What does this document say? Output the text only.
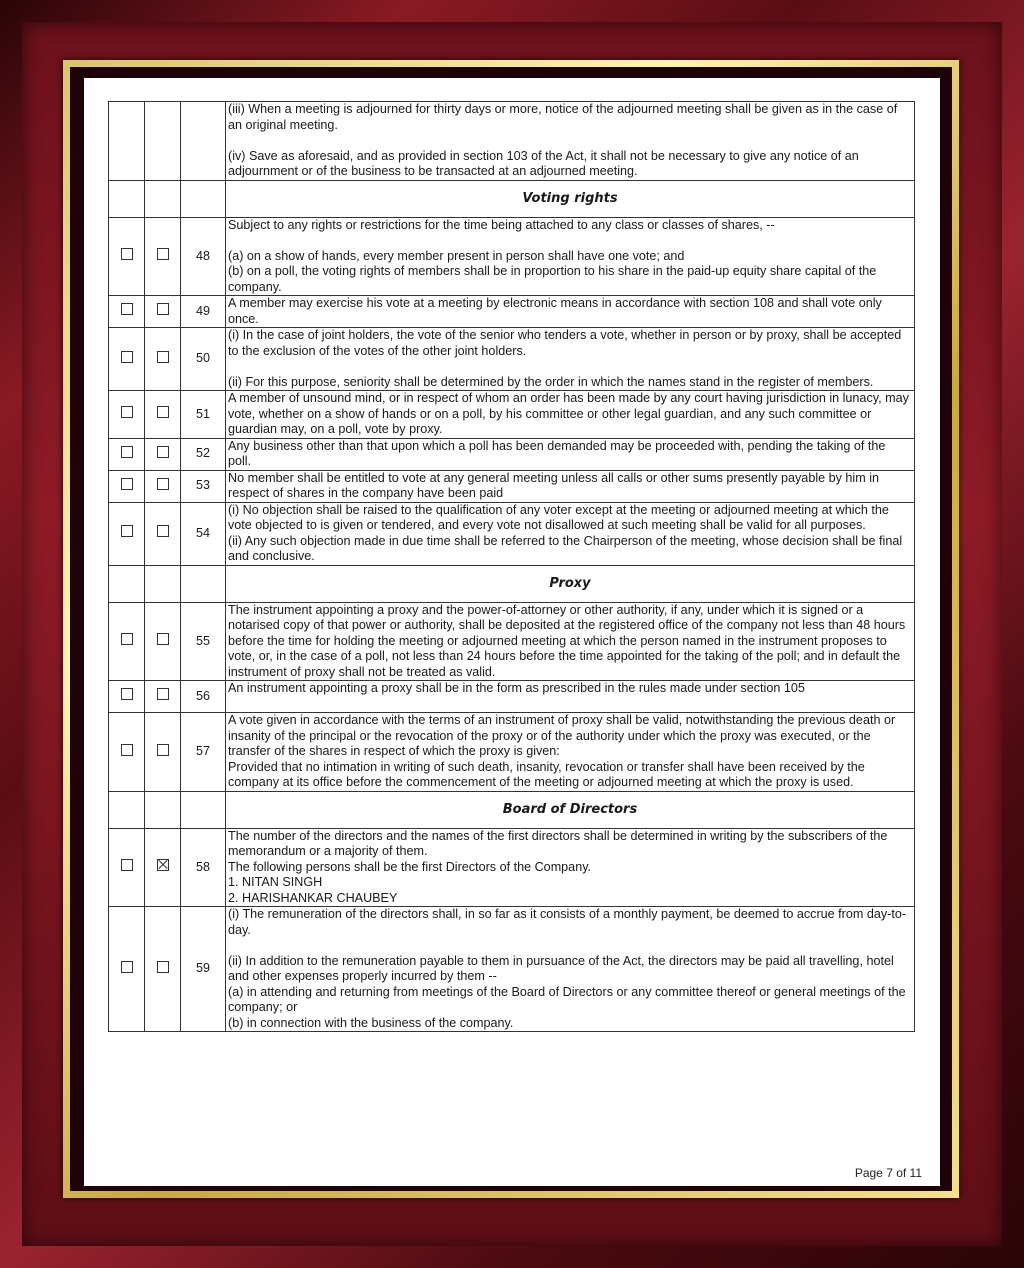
			(iii) When a meeting is adjourned for thirty days or more, notice of the adjourned meeting shall be given as in the case of an original meeting.
(iv) Save as aforesaid, and as provided in section 103 of the Act, it shall not be necessary to give any notice of an adjournment or of the business to be transacted at an adjourned meeting.

			Voting rights
		48	Subject to any rights or restrictions for the time being attached to any class or classes of shares, --
(a) on a show of hands, every member present in person shall have one vote; and
(b) on a poll, the voting rights of members shall be in proportion to his share in the paid-up equity share capital of the company.

		49	A member may exercise his vote at a meeting by electronic means in accordance with section 108 and shall vote only once.

		50	(i) In the case of joint holders, the vote of the senior who tenders a vote, whether in person or by proxy, shall be accepted to the exclusion of the votes of the other joint holders.
(ii) For this purpose, seniority shall be determined by the order in which the names stand in the register of members.

		51	A member of unsound mind, or in respect of whom an order has been made by any court having jurisdiction in lunacy, may vote, whether on a show of hands or on a poll, by his committee or other legal guardian, and any such committee or guardian may, on a poll, vote by proxy.

		52	Any business other than that upon which a poll has been demanded may be proceeded with, pending the taking of the poll.

		53	No member shall be entitled to vote at any general meeting unless all calls or other sums presently payable by him in respect of shares in the company have been paid

		54	(i) No objection shall be raised to the qualification of any voter except at the meeting or adjourned meeting at which the vote objected to is given or tendered, and every vote not disallowed at such meeting shall be valid for all purposes.
(ii) Any such objection made in due time shall be referred to the Chairperson of the meeting, whose decision shall be final and conclusive.

			Proxy
		55	The instrument appointing a proxy and the power-of-attorney or other authority, if any, under which it is signed or a notarised copy of that power or authority, shall be deposited at the registered office of the company not less than 48 hours before the time for holding the meeting or adjourned meeting at which the person named in the instrument proposes to vote, or, in the case of a poll, not less than 24 hours before the time appointed for the taking of the poll; and in default the instrument of proxy shall not be treated as valid.

		56	An instrument appointing a proxy shall be in the form as prescribed in the rules made under section 105

		57	A vote given in accordance with the terms of an instrument of proxy shall be valid, notwithstanding the previous death or insanity of the principal or the revocation of the proxy or of the authority under which the proxy was executed, or the transfer of the shares in respect of which the proxy is given:
Provided that no intimation in writing of such death, insanity, revocation or transfer shall have been received by the company at its office before the commencement of the meeting or adjourned meeting at which the proxy is used.

			Board of Directors
		58	The number of the directors and the names of the first directors shall be determined in writing by the subscribers of the memorandum or a majority of them.
The following persons shall be the first Directors of the Company.
1. NITAN SINGH
2. HARISHANKAR CHAUBEY

		59	(i) The remuneration of the directors shall, in so far as it consists of a monthly payment, be deemed to accrue from day-to-day.
(ii) In addition to the remuneration payable to them in pursuance of the Act, the directors may be paid all travelling, hotel and other expenses properly incurred by them --
(a) in attending and returning from meetings of the Board of Directors or any committee thereof or general meetings of the company; or
(b) in connection with the business of the company.
Page 7 of 11
